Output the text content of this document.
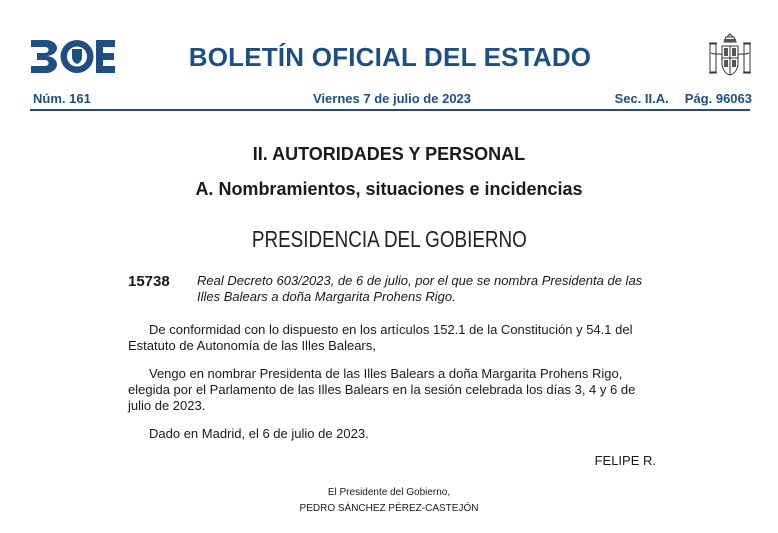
BOLETÍN OFICIAL DEL ESTADO
Núm. 161	Viernes 7 de julio de 2023	Sec. II.A. Pág. 96063
II. AUTORIDADES Y PERSONAL
A. Nombramientos, situaciones e incidencias
PRESIDENCIA DEL GOBIERNO
15738 Real Decreto 603/2023, de 6 de julio, por el que se nombra Presidenta de las Illes Balears a doña Margarita Prohens Rigo.
De conformidad con lo dispuesto en los artículos 152.1 de la Constitución y 54.1 del Estatuto de Autonomía de las Illes Balears,
Vengo en nombrar Presidenta de las Illes Balears a doña Margarita Prohens Rigo, elegida por el Parlamento de las Illes Balears en la sesión celebrada los días 3, 4 y 6 de julio de 2023.
Dado en Madrid, el 6 de julio de 2023.
FELIPE R.
El Presidente del Gobierno,
PEDRO SÁNCHEZ PÉREZ-CASTEJÓN
